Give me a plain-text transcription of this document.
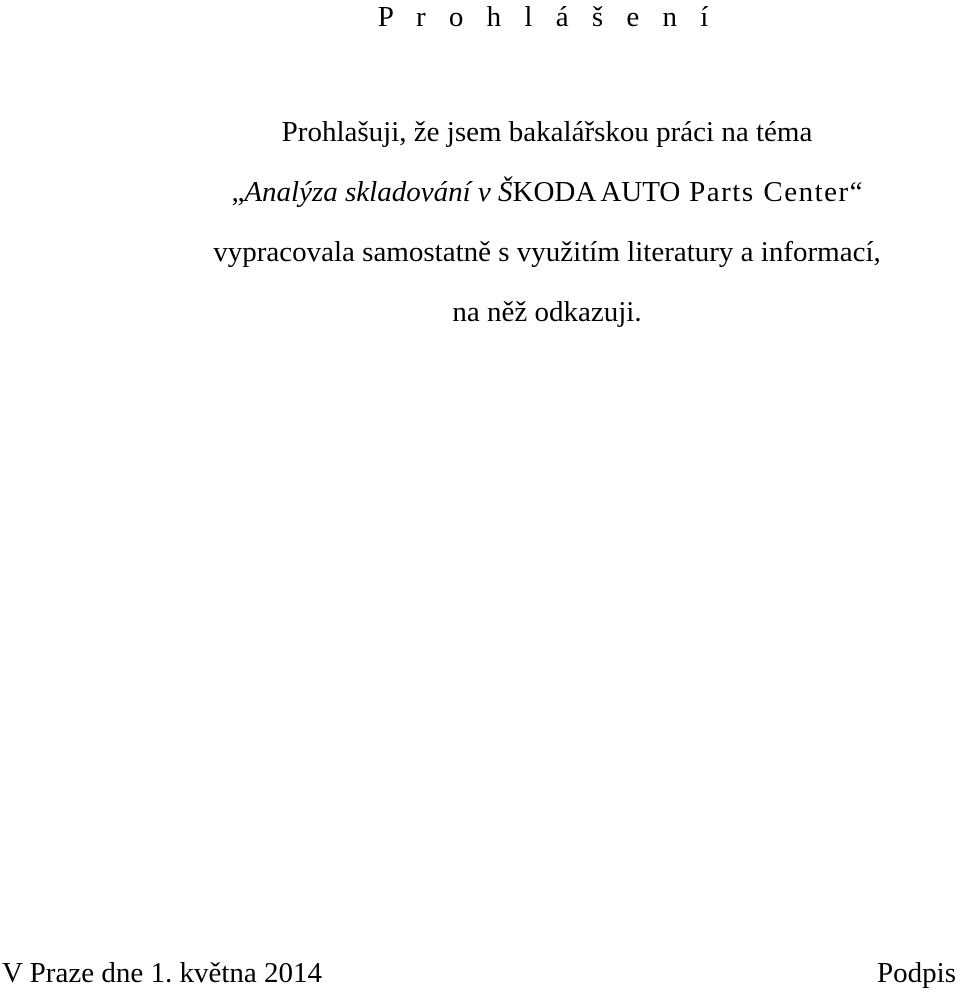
P r o h l á š e n í
Prohlašuji, že jsem bakalářskou práci na téma
„Analýza skladování v ŠKODA AUTO Parts Center“
vypracovala samostatně s využitím literatury a informací,
na něž odkazuji.
V Praze dne 1. května 2014	Podpis
